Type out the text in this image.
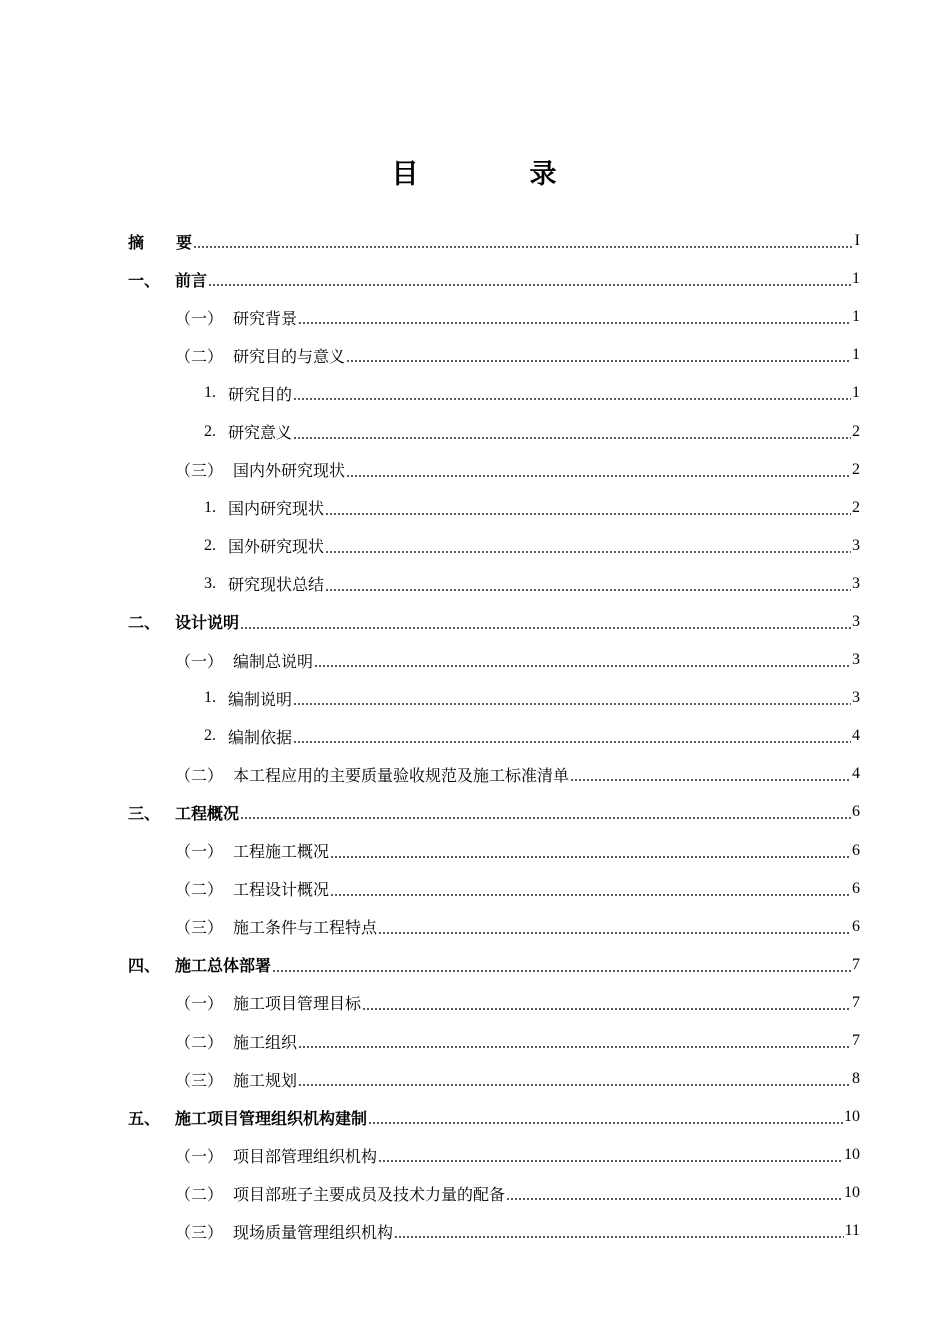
目　录
摘	要	I
一、 前言	1
（一） 研究背景	1
（二） 研究目的与意义	1
1. 研究目的	1
2. 研究意义	2
（三） 国内外研究现状	2
1. 国内研究现状	2
2. 国外研究现状	3
3. 研究现状总结	3
二、 设计说明	3
（一） 编制总说明	3
1. 编制说明	3
2. 编制依据	4
（二） 本工程应用的主要质量验收规范及施工标准清单	4
三、 工程概况	6
（一） 工程施工概况	6
（二） 工程设计概况	6
（三） 施工条件与工程特点	6
四、 施工总体部署	7
（一） 施工项目管理目标	7
（二） 施工组织	7
（三） 施工规划	8
五、 施工项目管理组织机构建制	10
（一） 项目部管理组织机构	10
（二） 项目部班子主要成员及技术力量的配备	10
（三） 现场质量管理组织机构	11
